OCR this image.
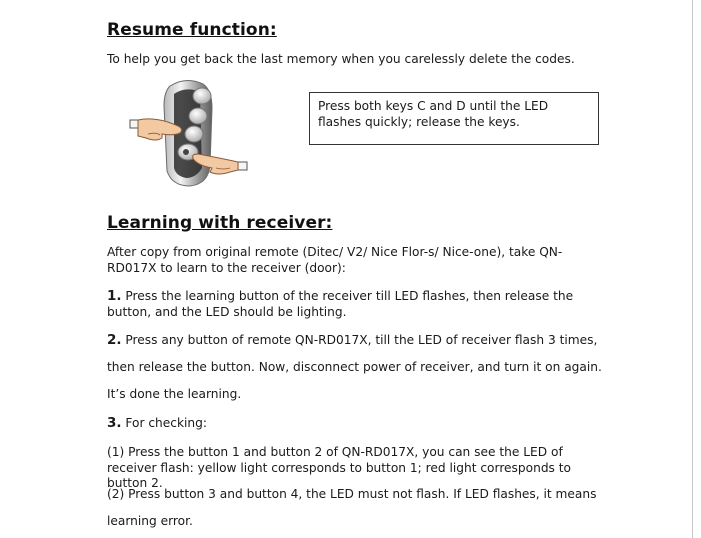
Resume function:

To help you get back the last memory when you carelessly delete the codes.

Press both keys C and D until the LED flashes quickly; release the keys.
Learning with receiver:

After copy from original remote (Ditec/ V2/ Nice Flor-s/ Nice-one), take QN-RD017X to learn to the receiver (door):

1. Press the learning button of the receiver till LED flashes, then release the button, and the LED should be lighting.

2. Press any button of remote QN-RD017X, till the LED of receiver flash 3 times,

then release the button. Now, disconnect power of receiver, and turn it on again.

It’s done the learning.

3. For checking:

(1) Press the button 1 and button 2 of QN-RD017X, you can see the LED of receiver flash: yellow light corresponds to button 1; red light corresponds to button 2.

(2) Press button 3 and button 4, the LED must not flash. If LED flashes, it means

learning error.
